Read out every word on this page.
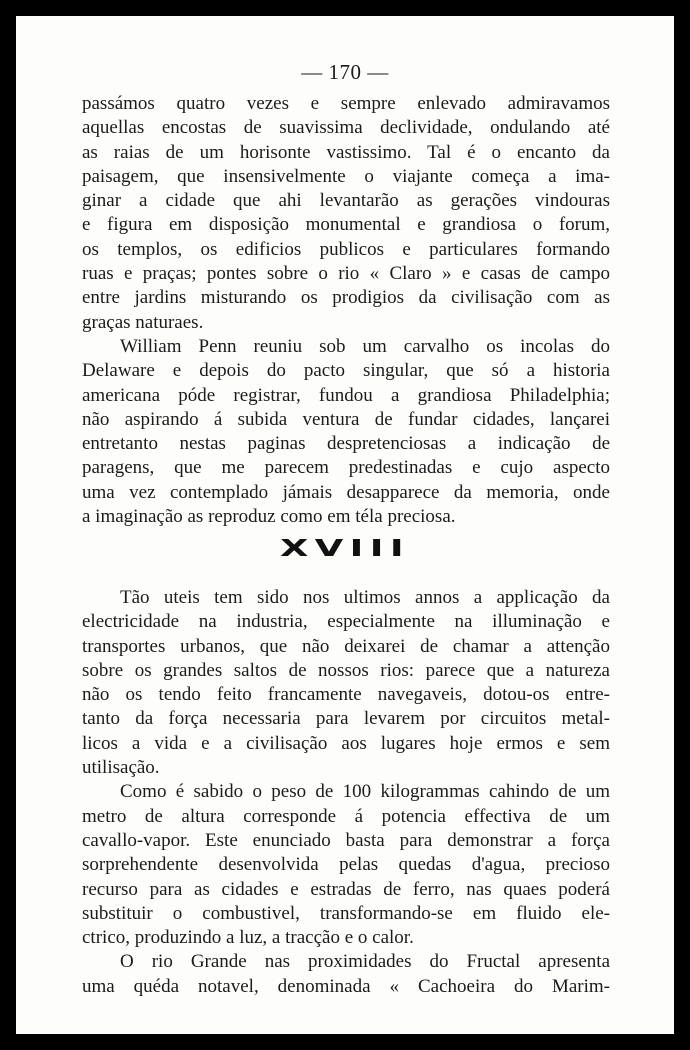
— 170 —
passámos quatro vezes e sempre enlevado admiravamos
aquellas encostas de suavissima declividade, ondulando até
as raias de um horisonte vastissimo. Tal é o encanto da
paisagem, que insensivelmente o viajante começa a ima-
ginar a cidade que ahi levantarão as gerações vindouras
e figura em disposição monumental e grandiosa o forum,
os templos, os edificios publicos e particulares formando
ruas e praças; pontes sobre o rio « Claro » e casas de campo
entre jardins misturando os prodigios da civilisação com as
graças naturaes.
William Penn reuniu sob um carvalho os incolas do
Delaware e depois do pacto singular, que só a historia
americana póde registrar, fundou a grandiosa Philadelphia;
não aspirando á subida ventura de fundar cidades, lançarei
entretanto nestas paginas despretenciosas a indicação de
paragens, que me parecem predestinadas e cujo aspecto
uma vez contemplado jámais desapparece da memoria, onde
a imaginação as reproduz como em téla preciosa.
XVIII
Tão uteis tem sido nos ultimos annos a applicação da
electricidade na industria, especialmente na illuminação e
transportes urbanos, que não deixarei de chamar a attenção
sobre os grandes saltos de nossos rios: parece que a natureza
não os tendo feito francamente navegaveis, dotou-os entre-
tanto da força necessaria para levarem por circuitos metal-
licos a vida e a civilisação aos lugares hoje ermos e sem
utilisação.
Como é sabido o peso de 100 kilogrammas cahindo de um
metro de altura corresponde á potencia effectiva de um
cavallo-vapor. Este enunciado basta para demonstrar a força
sorprehendente desenvolvida pelas quedas d'agua, precioso
recurso para as cidades e estradas de ferro, nas quaes poderá
substituir o combustivel, transformando-se em fluido ele-
ctrico, produzindo a luz, a tracção e o calor.
O rio Grande nas proximidades do Fructal apresenta
uma quéda notavel, denominada « Cachoeira do Marim-
